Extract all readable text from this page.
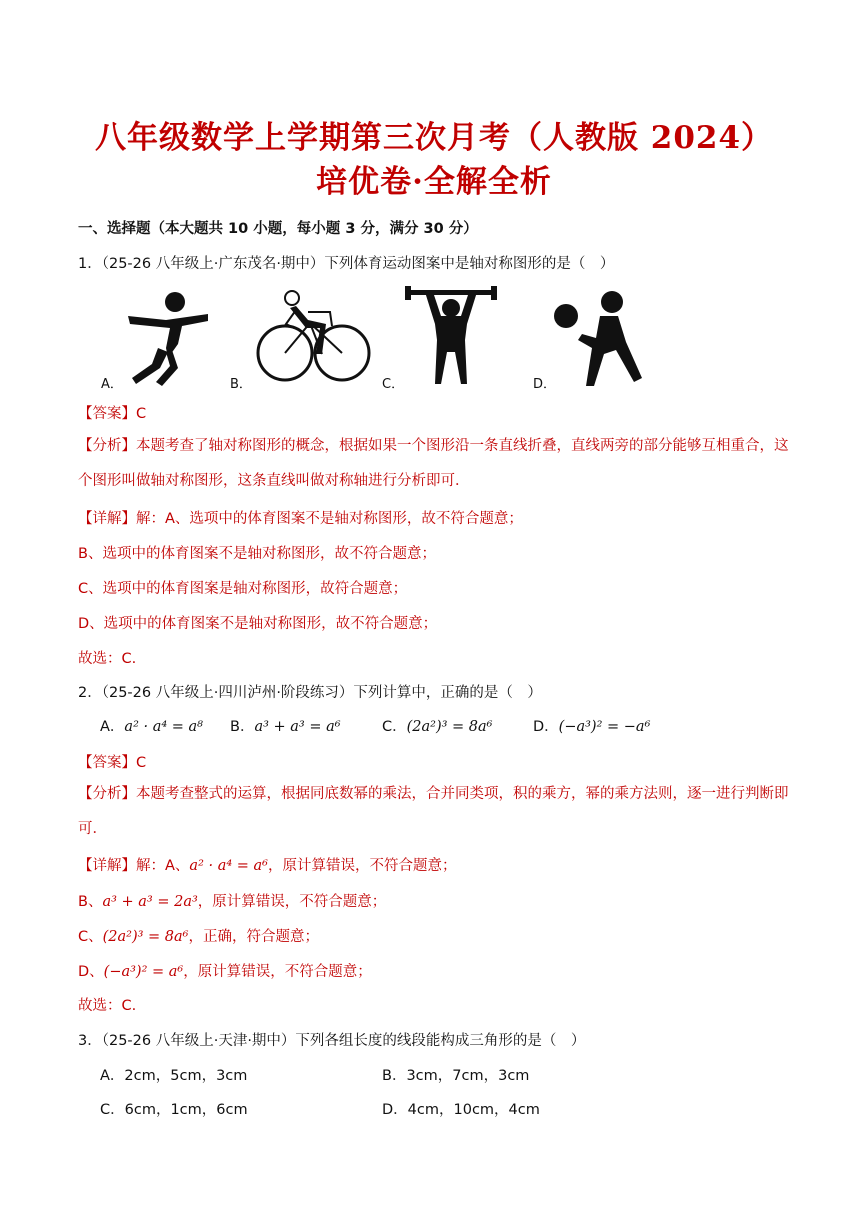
八年级数学上学期第三次月考（人教版 2024）
培优卷·全解全析
一、选择题（本大题共 10 小题，每小题 3 分，满分 30 分）
1．（25-26 八年级上·广东茂名·期中）下列体育运动图案中是轴对称图形的是（　）
A．	B．	C．	D．
【答案】C
【分析】本题考查了轴对称图形的概念，根据如果一个图形沿一条直线折叠，直线两旁的部分能够互相重合，这个图形叫做轴对称图形，这条直线叫做对称轴进行分析即可．
【详解】解：A、选项中的体育图案不是轴对称图形，故不符合题意；
B、选项中的体育图案不是轴对称图形，故不符合题意；
C、选项中的体育图案是轴对称图形，故符合题意；
D、选项中的体育图案不是轴对称图形，故不符合题意；
故选：C.
2．（25-26 八年级上·四川泸州·阶段练习）下列计算中，正确的是（　）
A．a² · a⁴ = a⁸ B．a³ + a³ = a⁶	C．(2a²)³ = 8a⁶	D．(−a³)² = −a⁶
【答案】C
【分析】本题考查整式的运算，根据同底数幂的乘法，合并同类项，积的乘方，幂的乘方法则，逐一进行判断即可．
【详解】解：A、a² · a⁴ = a⁶，原计算错误，不符合题意；
B、a³ + a³ = 2a³，原计算错误，不符合题意；
C、(2a²)³ = 8a⁶，正确，符合题意；
D、(−a³)² = a⁶，原计算错误，不符合题意；
故选：C.
3．（25-26 八年级上·天津·期中）下列各组长度的线段能构成三角形的是（　）
A．2cm，5cm，3cm	B．3cm，7cm，3cm
C．6cm，1cm，6cm	D．4cm，10cm，4cm
